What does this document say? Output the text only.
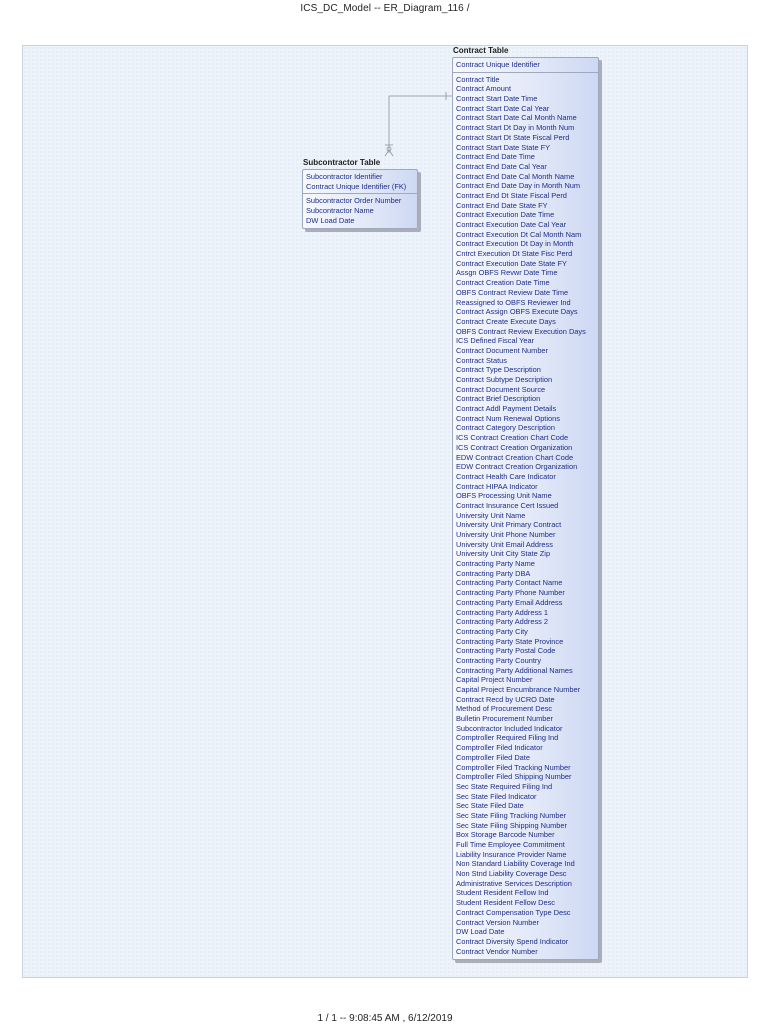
ICS_DC_Model -- ER_Diagram_116 /
Contract Table
Contract Unique Identifier
Contract Title
Contract Amount
Contract Start Date Time
Contract Start Date Cal Year
Contract Start Date Cal Month Name
Contract Start Dt Day in Month Num
Contract Start Dt State Fiscal Perd
Contract Start Date State FY
Contract End Date Time
Contract End Date Cal Year
Contract End Date Cal Month Name
Contract End Date Day in Month Num
Contract End Dt State Fiscal Perd
Contract End Date State FY
Contract Execution Date Time
Contract Execution Date Cal Year
Contract Execution Dt Cal Month Nam
Contract Execution Dt Day in Month
Cntrct Execution Dt State Fisc Perd
Contract Execution Date State FY
Assgn OBFS Revwr Date Time
Contract Creation Date Time
OBFS Contract Review Date Time
Reassigned to OBFS Reviewer Ind
Contract Assign OBFS Execute Days
Contract Create Execute Days
OBFS Contract Review Execution Days
ICS Defined Fiscal Year
Contract Document Number
Contract Status
Contract Type Description
Contract Subtype Description
Contract Document Source
Contract Brief Description
Contract Addl Payment Details
Contract Num Renewal Options
Contract Category Description
ICS Contract Creation Chart Code
ICS Contract Creation Organization
EDW Contract Creation Chart Code
EDW Contract Creation Organization
Contract Health Care Indicator
Contract HIPAA Indicator
OBFS Processing Unit Name
Contract Insurance Cert Issued
University Unit Name
University Unit Primary Contract
University Unit Phone Number
University Unit Email Address
University Unit City State Zip
Contracting Party Name
Contracting Party DBA
Contracting Party Contact Name
Contracting Party Phone Number
Contracting Party Email Address
Contracting Party Address 1
Contracting Party Address 2
Contracting Party City
Contracting Party State Province
Contracting Party Postal Code
Contracting Party Country
Contracting Party Additional Names
Capital Project Number
Capital Project Encumbrance Number
Contract Recd by UCRO Date
Method of Procurement Desc
Bulletin Procurement Number
Subcontractor Included Indicator
Comptroller Required Filing Ind
Comptroller Filed Indicator
Comptroller Filed Date
Comptroller Filed Tracking Number
Comptroller Filed Shipping Number
Sec State Required Filing Ind
Sec State Filed Indicator
Sec State Filed Date
Sec State Filing Tracking Number
Sec State Filing Shipping Number
Box Storage Barcode Number
Full Time Employee Commitment
Liability Insurance Provider Name
Non Standard Liability Coverage Ind
Non Stnd Liability Coverage Desc
Administrative Services Description
Student Resident Fellow Ind
Student Resident Fellow Desc
Contract Compensation Type Desc
Contract Version Number
DW Load Date
Contract Diversity Spend Indicator
Contract Vendor Number
Subcontractor Table
Subcontractor Identifier
Contract Unique Identifier (FK)
Subcontractor Order Number
Subcontractor Name
DW Load Date
1 / 1 -- 9:08:45 AM , 6/12/2019
